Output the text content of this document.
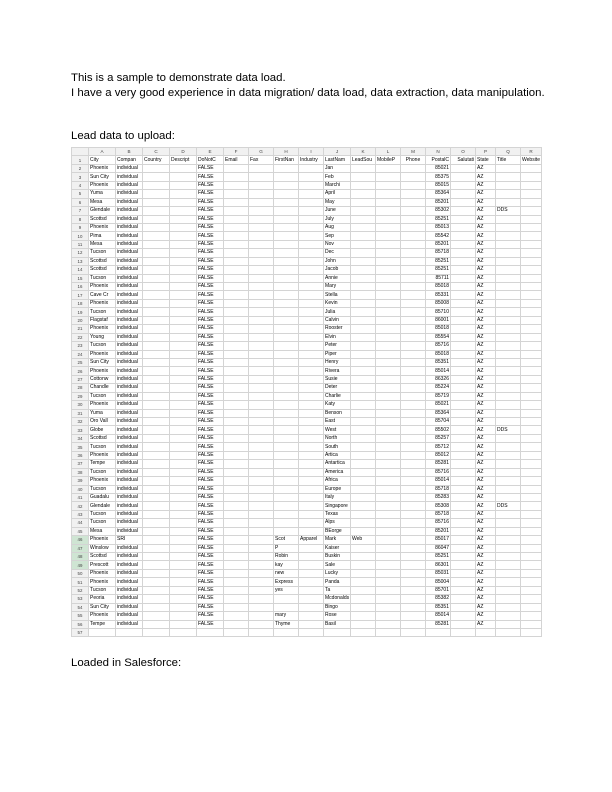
This is a sample to demonstrate data load.
I have a very good experience in data migration/ data load, data extraction, data manipulation.
Lead data to upload:
	A	B	C	D	E	F	G	H	I	J	K	L	M	N	O	P	Q	R
1	City	Compan	Country	Descript	DoNotC	Email	Fax	FirstNan	Industry	LastNam	LeadSou	MobileP	Phone	PostalC	Salutati	State	Title	Website
2	Phoenix	individual			FALSE					Jan				85021		AZ		
3	Sun City	individual			FALSE					Feb				85375		AZ		
4	Phoenix	individual			FALSE					Marchi				85015		AZ		
5	Yuma	individual			FALSE					April				85364		AZ		
6	Mesa	individual			FALSE					May				85201		AZ		
7	Glendale	individual			FALSE					June				85302		AZ	DDS	
8	Scottsd	individual			FALSE					July				85251		AZ		
9	Phoenix	individual			FALSE					Aug				85013		AZ		
10	Pima	individual			FALSE					Sep				85542		AZ		
11	Mesa	individual			FALSE					Nov				85201		AZ		
12	Tucson	individual			FALSE					Dec				85718		AZ		
13	Scottsd	individual			FALSE					John				85251		AZ		
14	Scottsd	individual			FALSE					Jacob				85251		AZ		
15	Tucson	individual			FALSE					Annie				85711		AZ		
16	Phoenix	individual			FALSE					Mary				85018		AZ		
17	Cave Cr	individual			FALSE					Stella				85331		AZ		
18	Phoenix	individual			FALSE					Kevin				85008		AZ		
19	Tucson	individual			FALSE					Julia				85710		AZ		
20	Flagstaf	individual			FALSE					Calvin				86001		AZ		
21	Phoenix	individual			FALSE					Rooster				85018		AZ		
22	Young	individual			FALSE					Elvin				85554		AZ		
23	Tucson	individual			FALSE					Peter				85716		AZ		
24	Phoenix	individual			FALSE					Piper				85018		AZ		
25	Sun City	individual			FALSE					Henry				85351		AZ		
26	Phoenix	individual			FALSE					Rivera				85014		AZ		
27	Cottonw	individual			FALSE					Susie				86326		AZ		
28	Chandle	individual			FALSE					Deter				85224		AZ		
29	Tucson	individual			FALSE					Charlie				85719		AZ		
30	Phoenix	individual			FALSE					Katy				85021		AZ		
31	Yuma	individual			FALSE					Benson				85364		AZ		
32	Oro Vall	individual			FALSE					East				85704		AZ		
33	Globe	individual			FALSE					West				85502		AZ	DDS	
34	Scottsd	individual			FALSE					North				85257		AZ		
35	Tucson	individual			FALSE					South				85712		AZ		
36	Phoenix	individual			FALSE					Artica				85012		AZ		
37	Tempe	individual			FALSE					Antartica				85281		AZ		
38	Tucson	individual			FALSE					America				85716		AZ		
39	Phoenix	individual			FALSE					Africa				85014		AZ		
40	Tucson	individual			FALSE					Europe				85718		AZ		
41	Guadalu	individual			FALSE					Italy				85283		AZ		
42	Glendale	individual			FALSE					Singapore				85308		AZ	DDS	
43	Tucson	individual			FALSE					Texas				85718		AZ		
44	Tucson	individual			FALSE					Alps				85716		AZ		
45	Mesa	individual			FALSE					BEorge				85201		AZ		
46	Phoenix	SRI			FALSE			Scot	Apparel	Mark	Web			85017		AZ		
47	Winslow	individual			FALSE			P		Kaiser				86047		AZ		
48	Scottsd	individual			FALSE			Robin		Buskin				85251		AZ		
49	Prescott	individual			FALSE			kay		Sale				86301		AZ		
50	Phoenix	individual			FALSE			new		Lucky				85031		AZ		
51	Phoenix	individual			FALSE			Express		Panda				85004		AZ		
52	Tucson	individual			FALSE			yes		Ta				85701		AZ		
53	Peoria	individual			FALSE					Mcdonalds				85382		AZ		
54	Sun City	individual			FALSE					Bingo				85351		AZ		
55	Phoenix	individual			FALSE			mary		Rose				85014		AZ		
56	Tempe	individual			FALSE			Thyme		Basil				85281		AZ		
57																		
Loaded in Salesforce:
